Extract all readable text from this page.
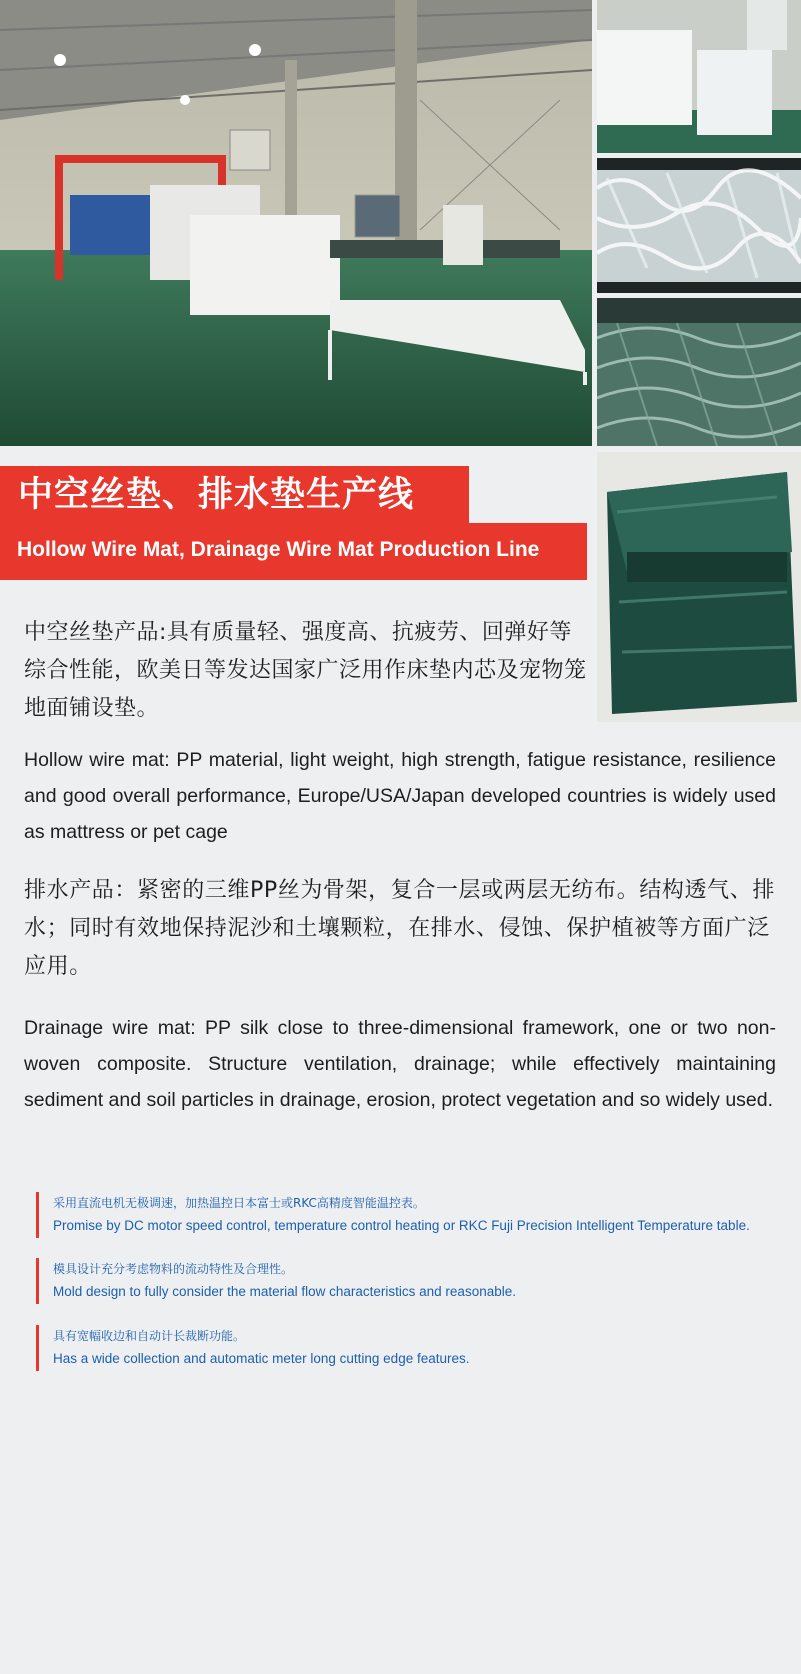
中空丝垫、排水垫生产线
Hollow Wire Mat, Drainage Wire Mat Production Line

中空丝垫产品:具有质量轻、强度高、抗疲劳、回弹好等综合性能，欧美日等发达国家广泛用作床垫内芯及宠物笼地面铺设垫。

Hollow wire mat: PP material, light weight, high strength, fatigue resistance, resilience and good overall performance, Europe/USA/Japan developed countries is widely used as mattress or pet cage

排水产品：紧密的三维PP丝为骨架，复合一层或两层无纺布。结构透气、排水；同时有效地保持泥沙和土壤颗粒，在排水、侵蚀、保护植被等方面广泛应用。

Drainage wire mat: PP silk close to three-dimensional framework, one or two non-woven composite. Structure ventilation, drainage; while effectively maintaining sediment and soil particles in drainage, erosion, protect vegetation and so widely used.

采用直流电机无极调速，加热温控日本富士或RKC高精度智能温控表。
Promise by DC motor speed control, temperature control heating or RKC Fuji Precision Intelligent Temperature table.
模具设计充分考虑物料的流动特性及合理性。
Mold design to fully consider the material flow characteristics and reasonable.
具有宽幅收边和自动计长裁断功能。
Has a wide collection and automatic meter long cutting edge features.
